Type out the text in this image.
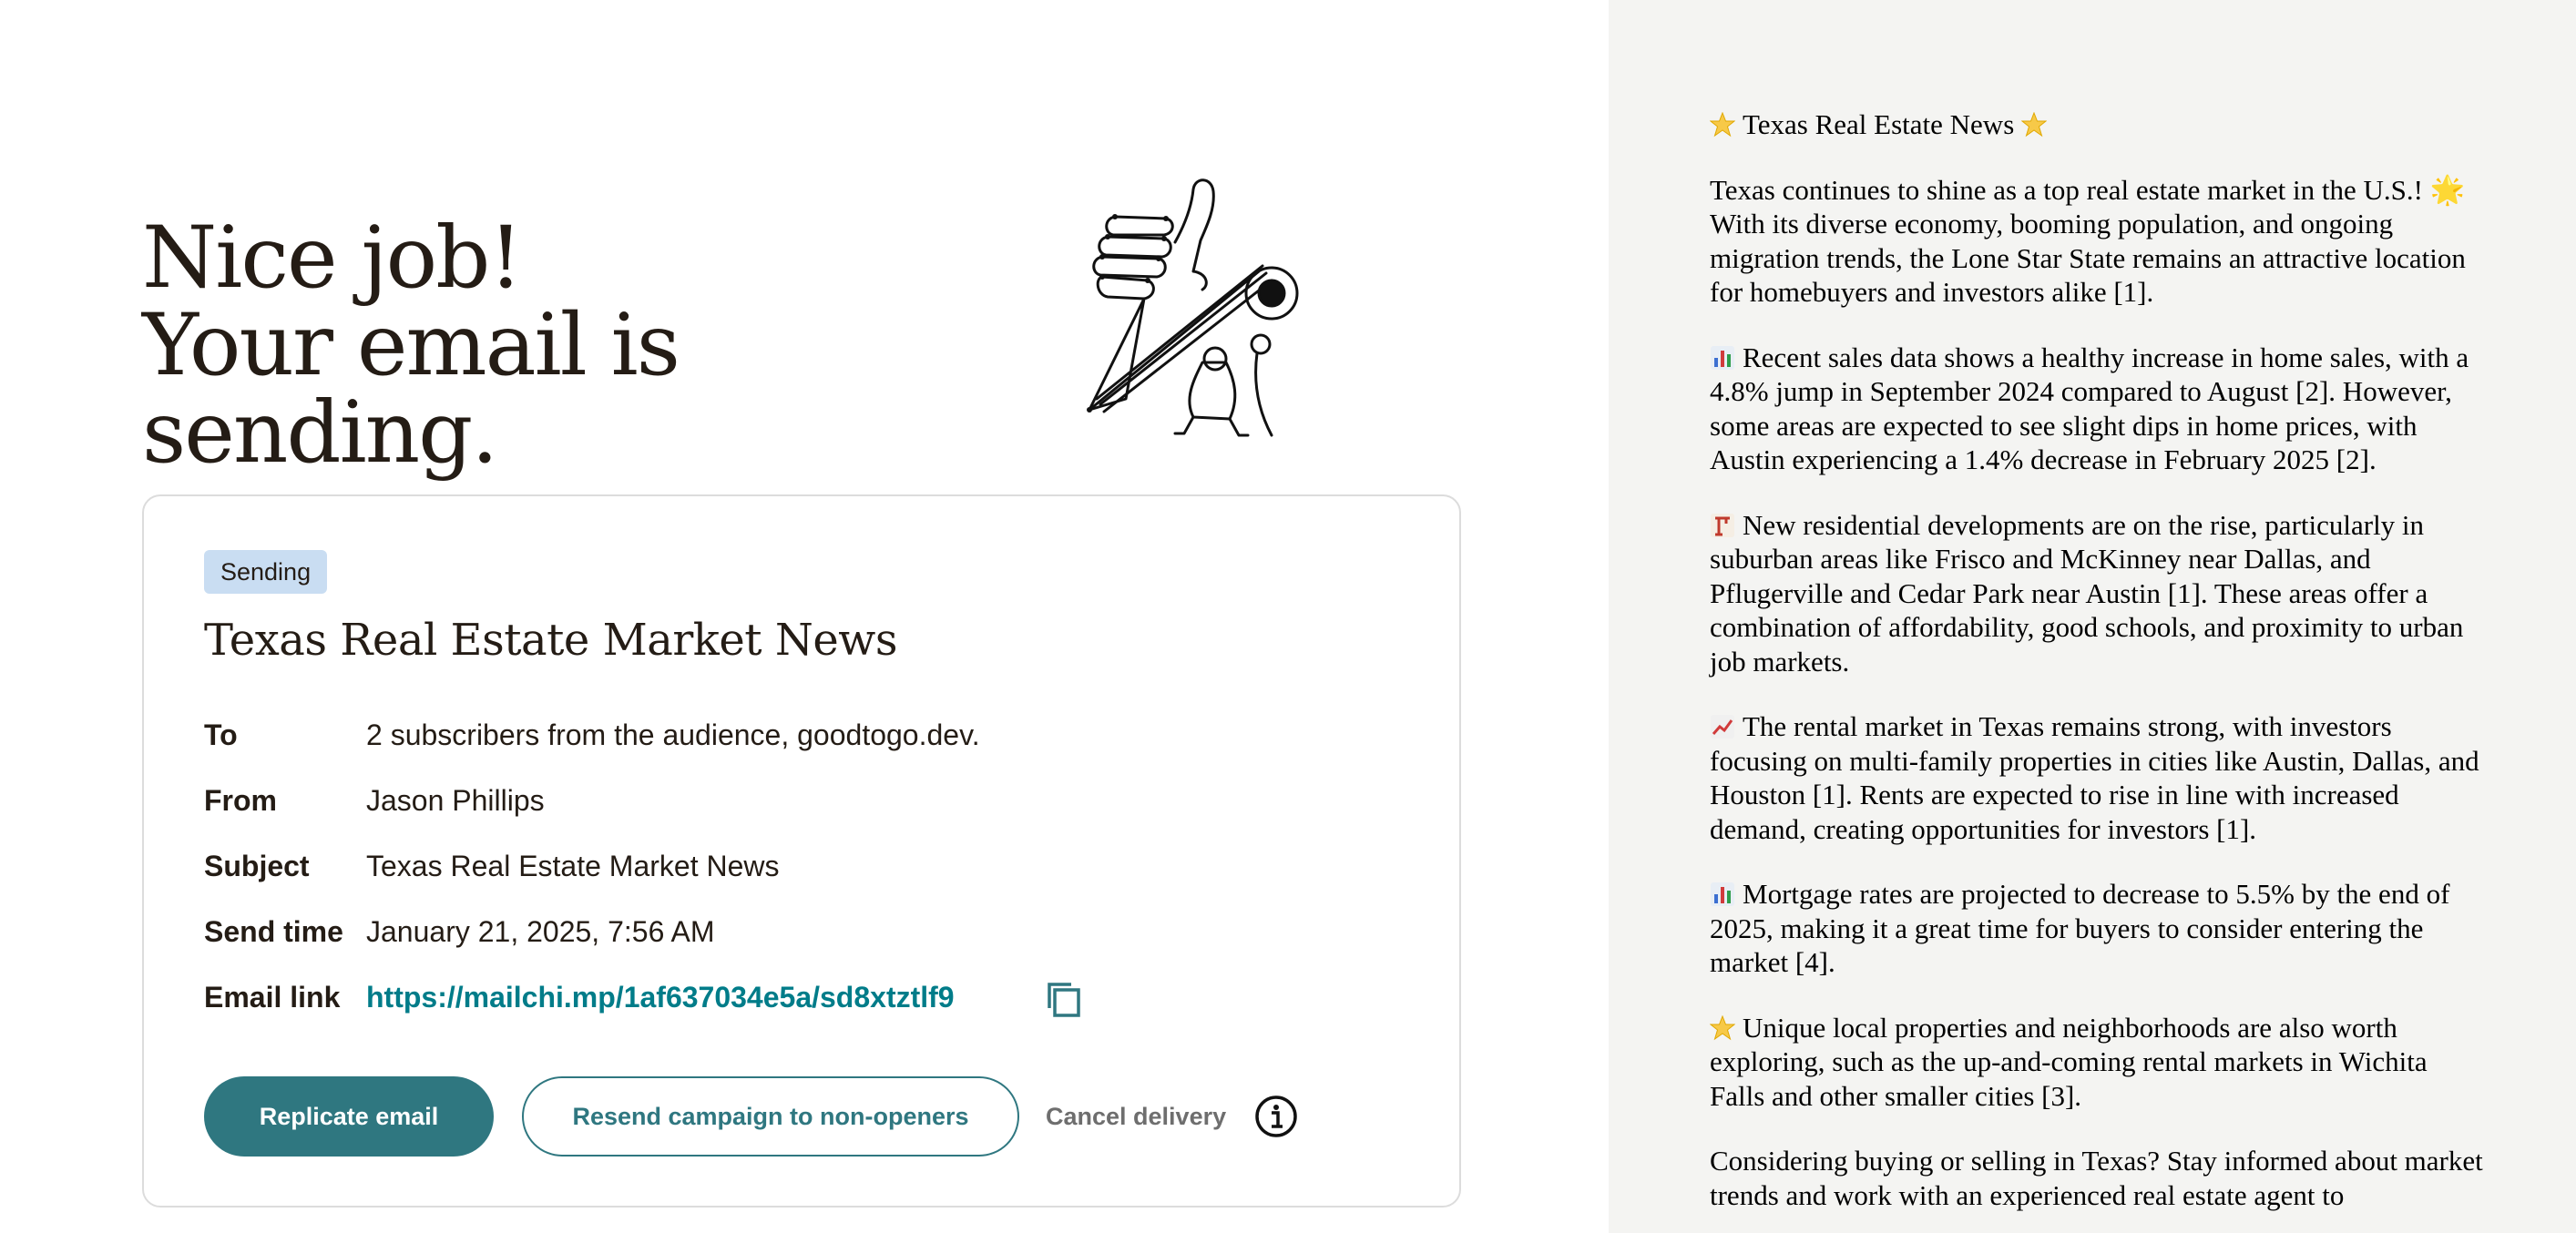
Nice job!
Your email is sending.
Sending
Texas Real Estate Market News
To	2 subscribers from the audience, goodtogo.dev.
From	Jason Phillips
Subject Texas Real Estate Market News
Send time January 21, 2025, 7:56 AM
Email link https://mailchi.mp/1af637034e5a/sd8xtztlf9
Replicate email	Resend campaign to non-openers	Cancel delivery

Texas Real Estate News

Texas continues to shine as a top real estate market in the U.S.! 🌟 With its diverse economy, booming population, and ongoing migration trends, the Lone Star State remains an attractive location for homebuyers and investors alike [1].

Recent sales data shows a healthy increase in home sales, with a 4.8% jump in September 2024 compared to August [2]. However, some areas are expected to see slight dips in home prices, with Austin experiencing a 1.4% decrease in February 2025 [2].

New residential developments are on the rise, particularly in suburban areas like Frisco and McKinney near Dallas, and Pflugerville and Cedar Park near Austin [1]. These areas offer a combination of affordability, good schools, and proximity to urban job markets.

The rental market in Texas remains strong, with investors focusing on multi-family properties in cities like Austin, Dallas, and Houston [1]. Rents are expected to rise in line with increased demand, creating opportunities for investors [1].

Mortgage rates are projected to decrease to 5.5% by the end of 2025, making it a great time for buyers to consider entering the market [4].

Unique local properties and neighborhoods are also worth exploring, such as the up-and-coming rental markets in Wichita Falls and other smaller cities [3].

Considering buying or selling in Texas? Stay informed about market trends and work with an experienced real estate agent to
